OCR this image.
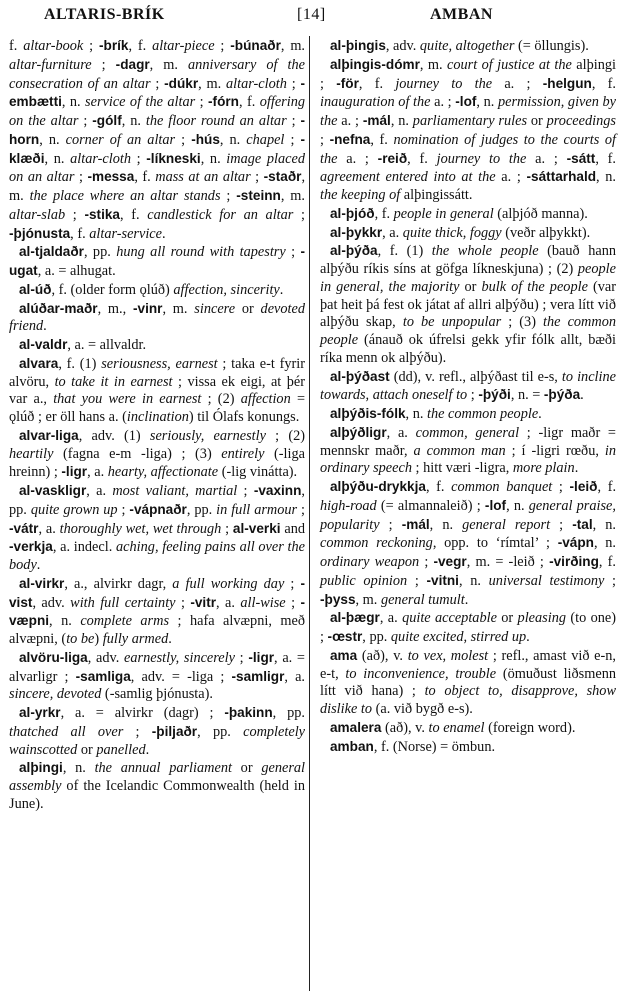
ALTARIS-BRÍK	[14]	AMBAN

f. altar-book ; -brík, f. altar-piece ; -búnaðr, m. altar-furniture ; -dagr, m. anniversary of the consecration of an altar ; -dúkr, m. altar-cloth ; -embætti, n. service of the altar ; -fórn, f. offering on the altar ; -gólf, n. the floor round an altar ; -horn, n. corner of an altar ; -hús, n. chapel ; -klæði, n. altar-cloth ; -líkneski, n. image placed on an altar ; -messa, f. mass at an altar ; -staðr, m. the place where an altar stands ; -steinn, m. altar-slab ; -stika, f. candlestick for an altar ; -þjónusta, f. altar-service.

al-tjaldaðr, pp. hung all round with tapestry ; -ugat, a. = alhugat.

al-úð, f. (older form ǫlúð) affection, sincerity.

alúðar-maðr, m., -vinr, m. sincere or devoted friend.

al-valdr, a. = allvaldr.

alvara, f. (1) seriousness, earnest ; taka e-t fyrir alvöru, to take it in earnest ; vissa ek eigi, at þér var a., that you were in earnest ; (2) affection = ǫlúð ; er öll hans a. (inclination) til Ólafs konungs.

alvar-liga, adv. (1) seriously, earnestly ; (2) heartily (fagna e-m -liga) ; (3) entirely (-liga hreinn) ; -ligr, a. hearty, affectionate (-lig vinátta).

al-vaskligr, a. most valiant, martial ; -vaxinn, pp. quite grown up ; -vápnaðr, pp. in full armour ; -vátr, a. thoroughly wet, wet through ; al-verki and -verkja, a. indecl. aching, feeling pains all over the body.

al-virkr, a., alvirkr dagr, a full working day ; -vist, adv. with full certainty ; -vitr, a. all-wise ; -væpni, n. complete arms ; hafa alvæpni, með alvæpni, (to be) fully armed.

alvöru-liga, adv. earnestly, sincerely ; -ligr, a. = alvarligr ; -samliga, adv. = -liga ; -samligr, a. sincere, devoted (-samlig þjónusta).

al-yrkr, a. = alvirkr (dagr) ; -þakinn, pp. thatched all over ; -þiljaðr, pp. completely wainscotted or panelled.

alþingi, n. the annual parliament or general assembly of the Icelandic Commonwealth (held in June).

al-þingis, adv. quite, altogether (= öllungis).

alþingis-dómr, m. court of justice at the alþingi ; -för, f. journey to the a. ; -helgun, f. inauguration of the a. ; -lof, n. permission, given by the a. ; -mál, n. parliamentary rules or proceedings ; -nefna, f. nomination of judges to the courts of the a. ; -reið, f. journey to the a. ; -sátt, f. agreement entered into at the a. ; -sáttarhald, n. the keeping of alþingissátt.

al-þjóð, f. people in general (alþjóð manna).

al-þykkr, a. quite thick, foggy (veðr alþykkt).

al-þýða, f. (1) the whole people (bauð hann alþýðu ríkis síns at göfga líkneskjuna) ; (2) people in general, the majority or bulk of the people (var þat heit þá fest ok játat af allri alþýðu) ; vera lítt við alþýðu skap, to be unpopular ; (3) the common people (ánauð ok úfrelsi gekk yfir fólk allt, bæði ríka menn ok alþýðu).

al-þýðast (dd), v. refl., alþýðast til e-s, to incline towards, attach oneself to ; -þýði, n. = -þýða.

alþýðis-fólk, n. the common people.

alþýðligr, a. common, general ; -ligr maðr = mennskr maðr, a common man ; í -ligri rœðu, in ordinary speech ; hitt væri -ligra, more plain.

alþýðu-drykkja, f. common banquet ; -leið, f. high-road (= almannaleið) ; -lof, n. general praise, popularity ; -mál, n. general report ; -tal, n. common reckoning, opp. to ‘rímtal’ ; -vápn, n. ordinary weapon ; -vegr, m. = -leið ; -virðing, f. public opinion ; -vitni, n. universal testimony ; -þyss, m. general tumult.

al-þægr, a. quite acceptable or pleasing (to one) ; -œstr, pp. quite excited, stirred up.

ama (að), v. to vex, molest ; refl., amast við e-n, e-t, to inconvenience, trouble (ömuðust liðsmenn lítt við hana) ; to object to, disapprove, show dislike to (a. við bygð e-s).

amalera (að), v. to enamel (foreign word).

amban, f. (Norse) = ömbun.
